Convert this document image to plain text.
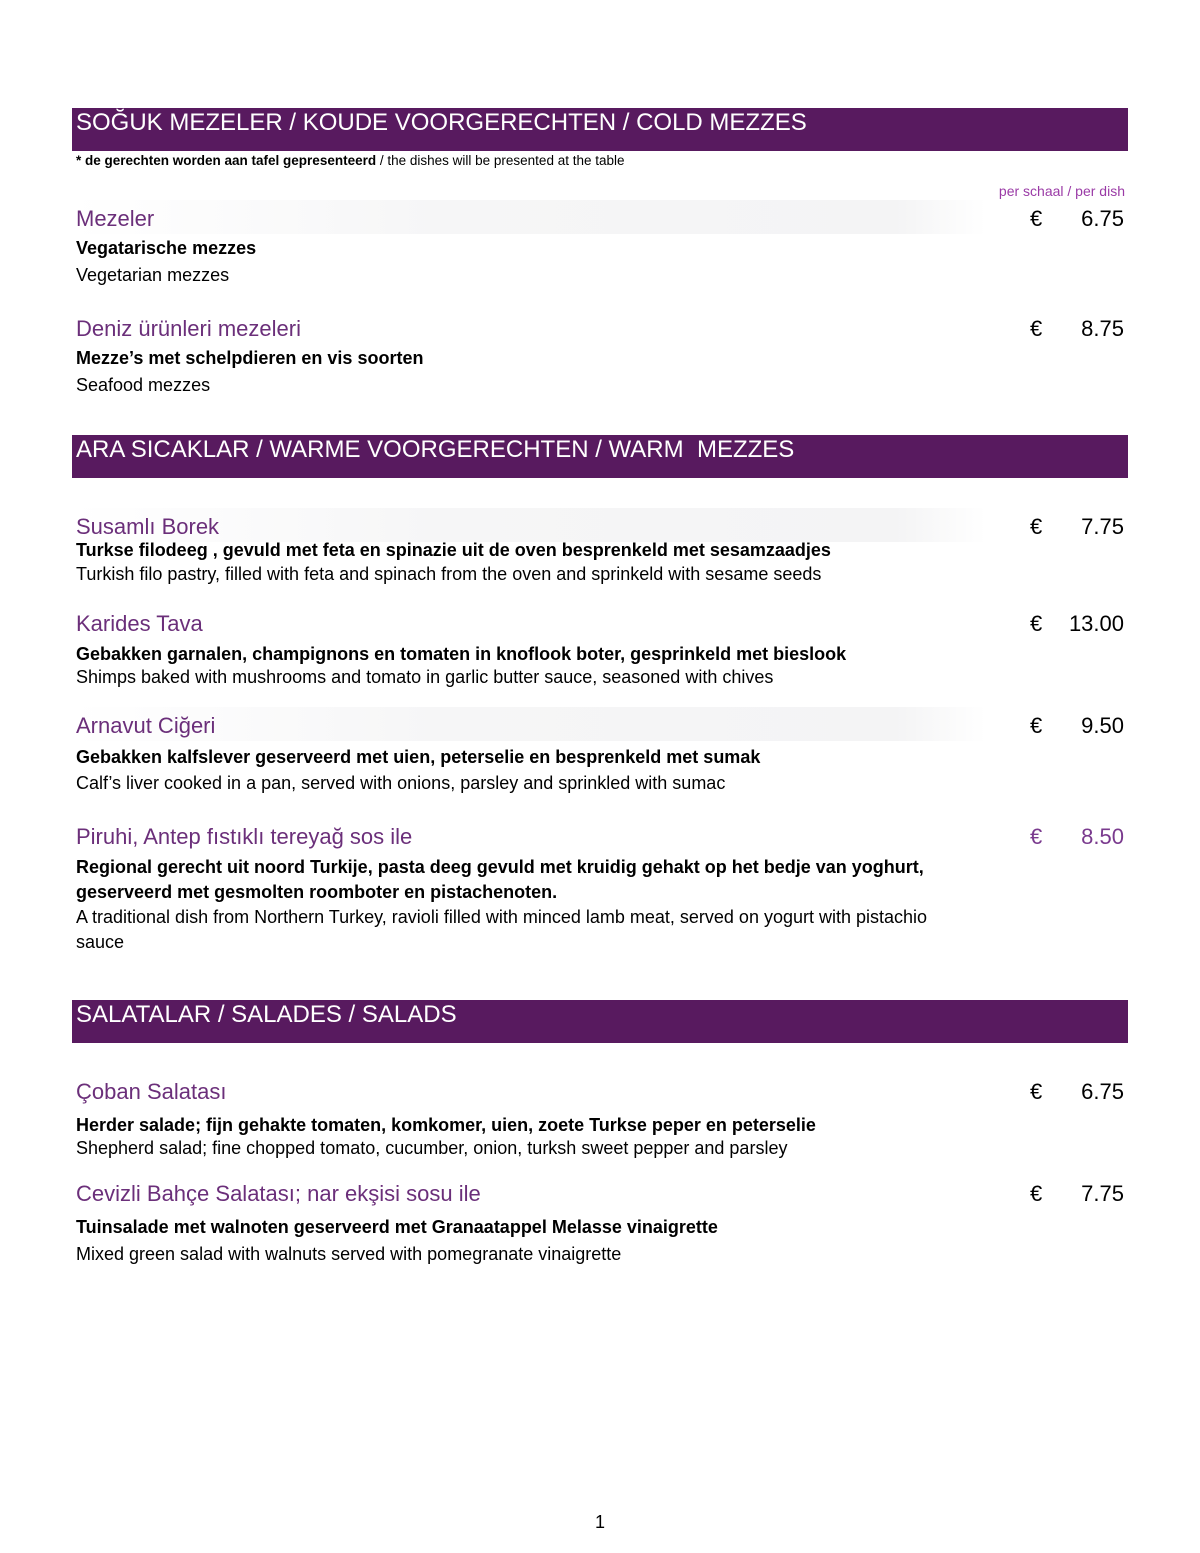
SOĞUK MEZELER / KOUDE VOORGERECHTEN / COLD MEZZES
* de gerechten worden aan tafel gepresenteerd / the dishes will be presented at the table
per schaal / per dish
Mezeler	€ 6.75
Vegatarische mezzes
Vegetarian mezzes
Deniz ürünleri mezeleri	€ 8.75
Mezze’s met schelpdieren en vis soorten
Seafood mezzes
ARA SICAKLAR / WARME VOORGERECHTEN / WARM  MEZZES
Susamlı Borek	€ 7.75
Turkse filodeeg , gevuld met feta en spinazie uit de oven besprenkeld met sesamzaadjes
Turkish filo pastry, filled with feta and spinach from the oven and sprinkeld with sesame seeds
Karides Tava	€ 13.00
Gebakken garnalen, champignons en tomaten in knoflook boter, gesprinkeld met bieslook
Shimps baked with mushrooms and tomato in garlic butter sauce, seasoned with chives
Arnavut Ciğeri	€ 9.50
Gebakken kalfslever geserveerd met uien, peterselie en besprenkeld met sumak
Calf’s liver cooked in a pan, served with onions, parsley and sprinkled with sumac
Piruhi, Antep fıstıklı tereyağ sos ile	€ 8.50
Regional gerecht uit noord Turkije, pasta deeg gevuld met kruidig gehakt op het bedje van yoghurt, geserveerd met gesmolten roomboter en pistachenoten.
A traditional dish from Northern Turkey, ravioli filled with minced lamb meat, served on yogurt with pistachio sauce
SALATALAR / SALADES / SALADS
Çoban Salatası	€ 6.75
Herder salade; fijn gehakte tomaten, komkomer, uien, zoete Turkse peper en peterselie
Shepherd salad; fine chopped tomato, cucumber, onion, turksh sweet pepper and parsley
Cevizli Bahçe Salatası; nar ekşisi sosu ile	€ 7.75
Tuinsalade met walnoten geserveerd met Granaatappel Melasse vinaigrette
Mixed green salad with walnuts served with pomegranate vinaigrette
1
